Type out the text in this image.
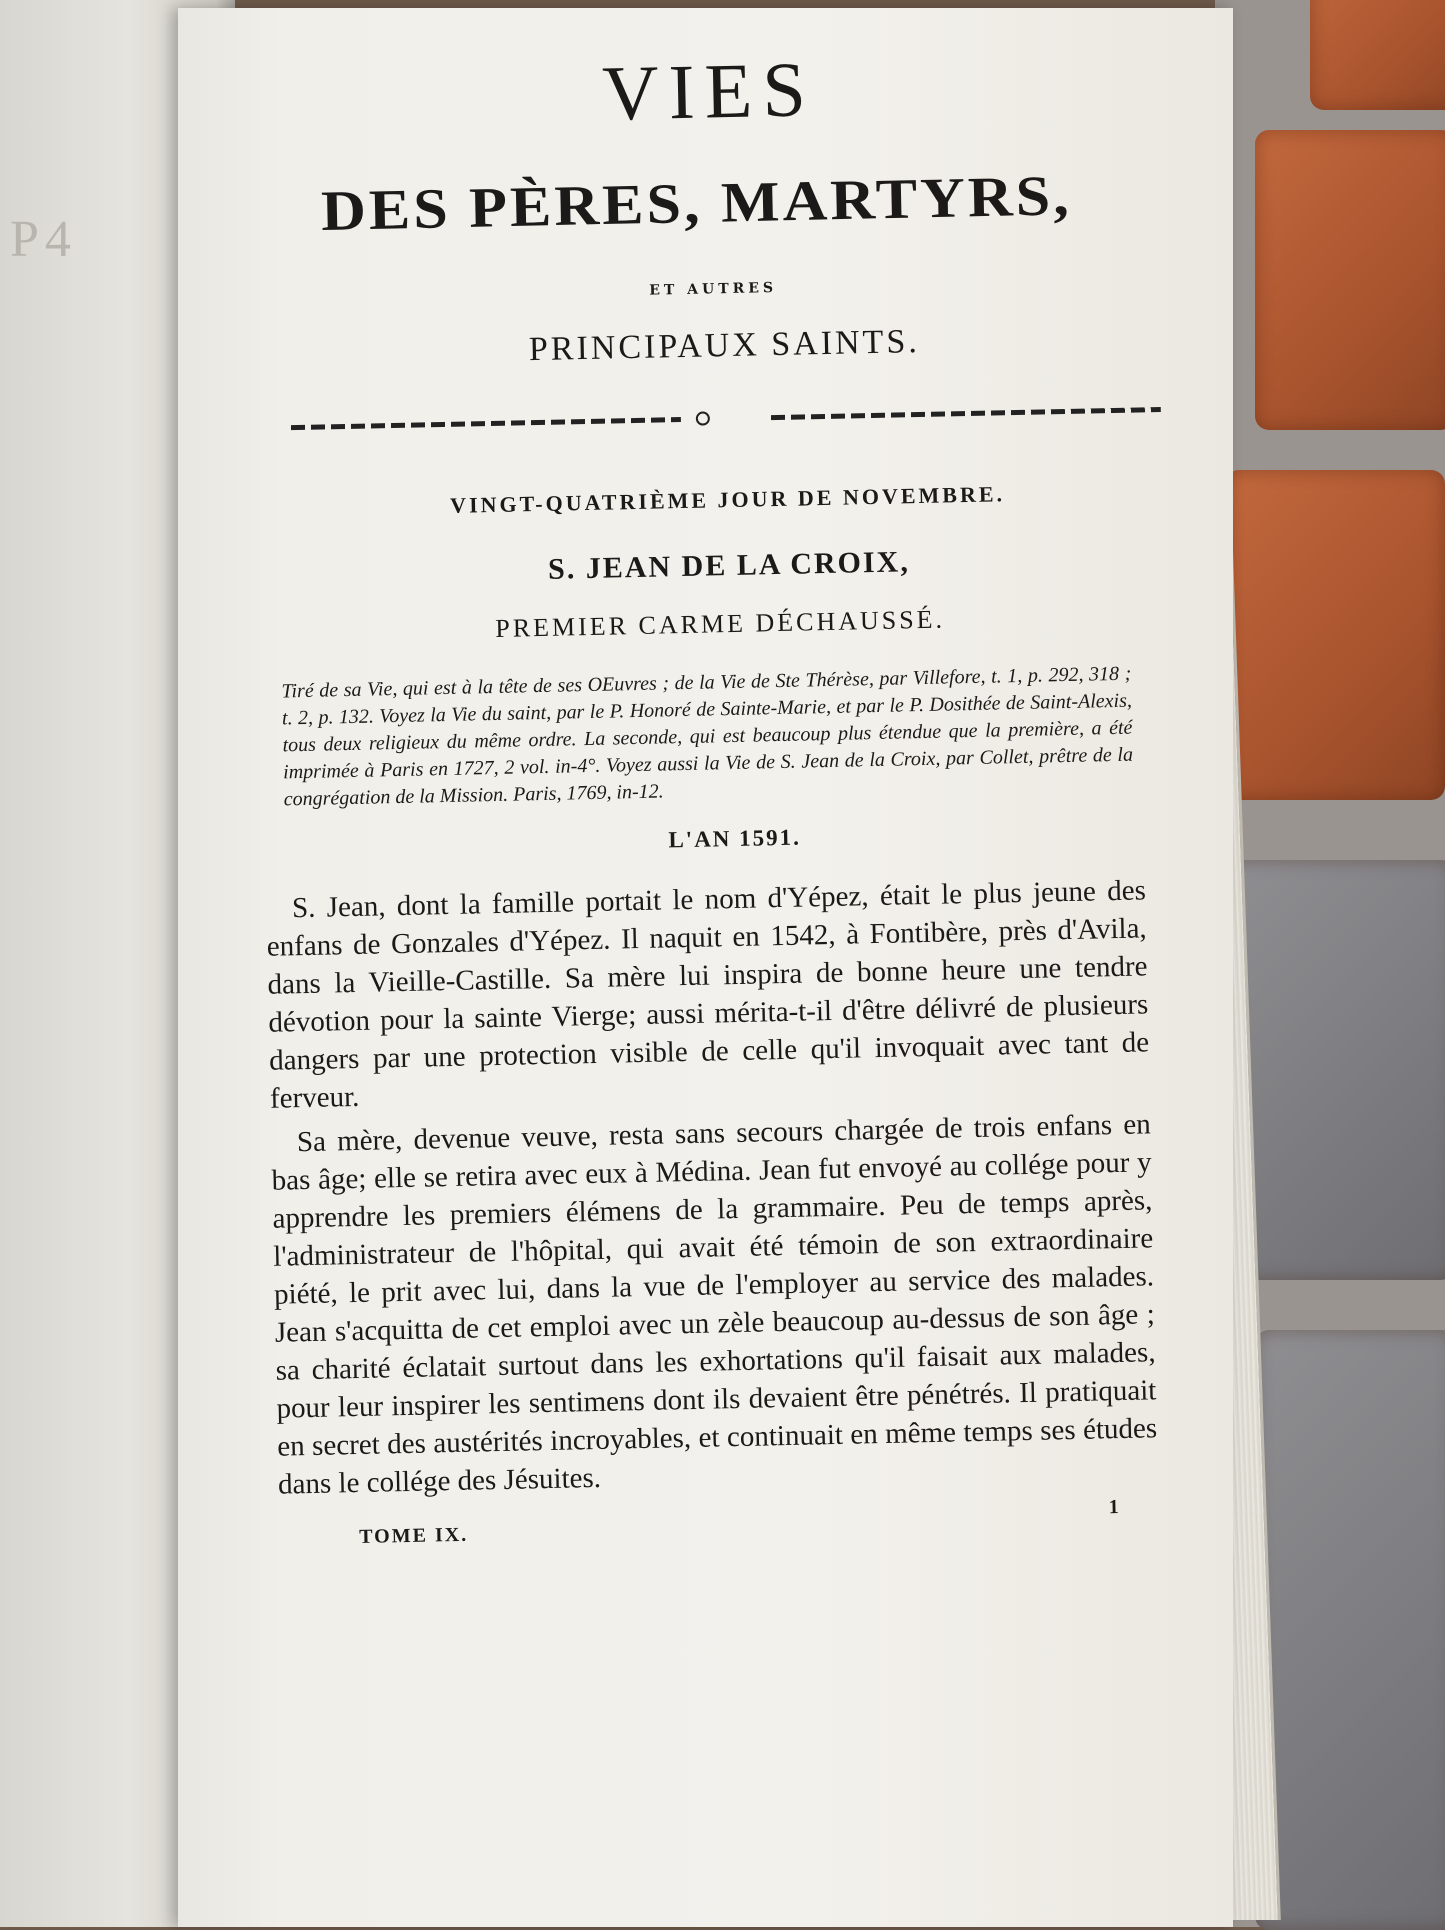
P4
VIES
DES PÈRES, MARTYRS,
ET AUTRES
PRINCIPAUX SAINTS.
VINGT-QUATRIÈME JOUR DE NOVEMBRE.
S. JEAN DE LA CROIX,
PREMIER CARME DÉCHAUSSÉ.
Tiré de sa Vie, qui est à la tête de ses OEuvres ; de la Vie de Ste Thérèse, par Villefore, t. 1, p. 292, 318 ; t. 2, p. 132. Voyez la Vie du saint, par le P. Honoré de Sainte-Marie, et par le P. Dosithée de Saint-Alexis, tous deux religieux du même ordre. La seconde, qui est beaucoup plus étendue que la première, a été imprimée à Paris en 1727, 2 vol. in-4°. Voyez aussi la Vie de S. Jean de la Croix, par Collet, prêtre de la congrégation de la Mission. Paris, 1769, in-12.
L'AN 1591.

S. Jean, dont la famille portait le nom d'Yépez, était le plus jeune des enfans de Gonzales d'Yépez. Il naquit en 1542, à Fontibère, près d'Avila, dans la Vieille-Castille. Sa mère lui inspira de bonne heure une tendre dévotion pour la sainte Vierge; aussi mérita-t-il d'être délivré de plusieurs dangers par une protection visible de celle qu'il invoquait avec tant de ferveur.

Sa mère, devenue veuve, resta sans secours chargée de trois enfans en bas âge; elle se retira avec eux à Médina. Jean fut envoyé au collége pour y apprendre les premiers élémens de la grammaire. Peu de temps après, l'administrateur de l'hôpital, qui avait été témoin de son extraordinaire piété, le prit avec lui, dans la vue de l'employer au service des malades. Jean s'acquitta de cet emploi avec un zèle beaucoup au-dessus de son âge ; sa charité éclatait surtout dans les exhortations qu'il faisait aux malades, pour leur inspirer les sentimens dont ils devaient être pénétrés. Il pratiquait en secret des austérités incroyables, et continuait en même temps ses études dans le collége des Jésuites.

TOME IX.
1
